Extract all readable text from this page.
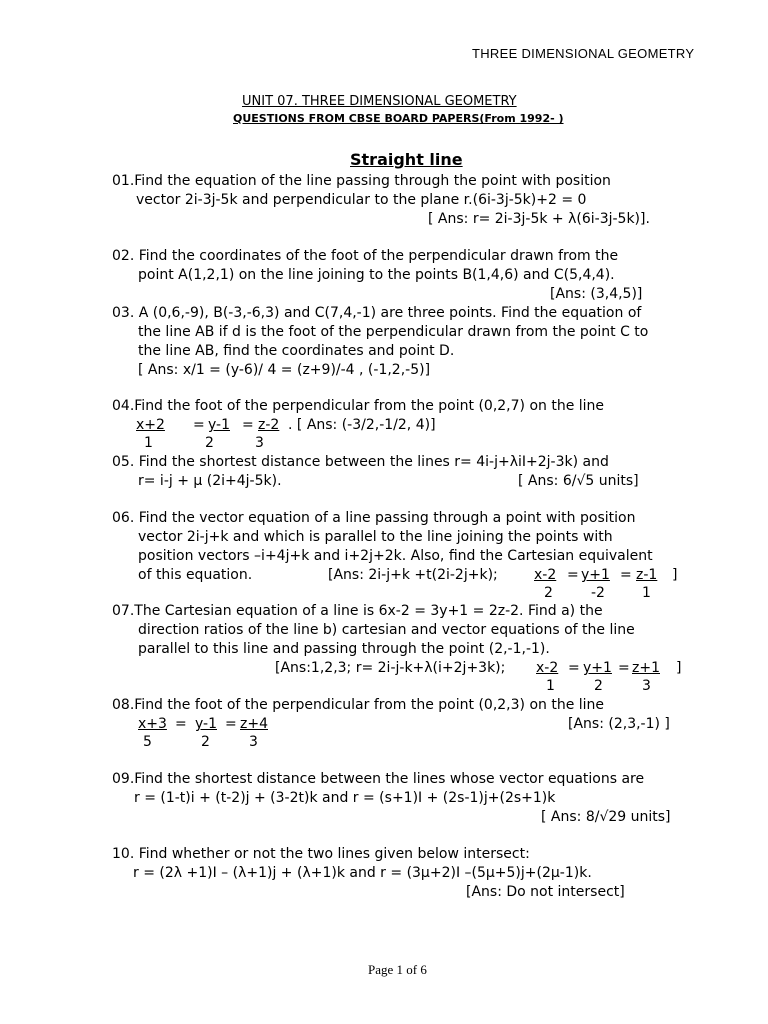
THREE DIMENSIONAL GEOMETRY
UNIT 07. THREE DIMENSIONAL GEOMETRY
QUESTIONS FROM CBSE BOARD PAPERS(From 1992- )
Straight line
01.Find the equation of the line passing through the point with position
vector 2i-3j-5k and perpendicular to the plane r.(6i-3j-5k)+2 = 0
[ Ans: r= 2i-3j-5k + λ(6i-3j-5k)].
02. Find the coordinates of the foot of the perpendicular drawn from the
point A(1,2,1) on the line joining to the points B(1,4,6) and C(5,4,4).
[Ans: (3,4,5)]
03. A (0,6,-9), B(-3,-6,3) and C(7,4,-1) are three points. Find the equation of
the line AB if d is the foot of the perpendicular drawn from the point C to
the line AB, find the coordinates and point D.
[ Ans: x/1 = (y-6)/ 4 = (z+9)/-4 , (-1,2,-5)]
04.Find the foot of the perpendicular from the point (0,2,7) on the line
x+2 = y-1 = z-2 . [ Ans: (-3/2,-1/2, 4)]
1	2	3
05. Find the shortest distance between the lines r= 4i-j+λiI+2j-3k) and
r= i-j + μ (2i+4j-5k).	[ Ans: 6/√5 units]
06. Find the vector equation of a line passing through a point with position
vector 2i-j+k and which is parallel to the line joining the points with
position vectors –i+4j+k and i+2j+2k. Also, find the Cartesian equivalent
of this equation.	[Ans: 2i-j+k +t(2i-2j+k);	x-2 = y+1 = z-1 ]
2	-2	1
07.The Cartesian equation of a line is 6x-2 = 3y+1 = 2z-2. Find a) the
direction ratios of the line b) cartesian and vector equations of the line
parallel to this line and passing through the point (2,-1,-1).
[Ans:1,2,3; r= 2i-j-k+λ(i+2j+3k); x-2 = y+1 = z+1 ]
1	2	3
08.Find the foot of the perpendicular from the point (0,2,3) on the line
x+3 = y-1 = z+4	[Ans: (2,3,-1) ]
5	2	3
09.Find the shortest distance between the lines whose vector equations are
r = (1-t)i + (t-2)j + (3-2t)k and r = (s+1)I + (2s-1)j+(2s+1)k
[ Ans: 8/√29 units]
10. Find whether or not the two lines given below intersect:
r = (2λ +1)I – (λ+1)j + (λ+1)k and r = (3μ+2)I –(5μ+5)j+(2μ-1)k.
[Ans: Do not intersect]
Page 1 of 6
